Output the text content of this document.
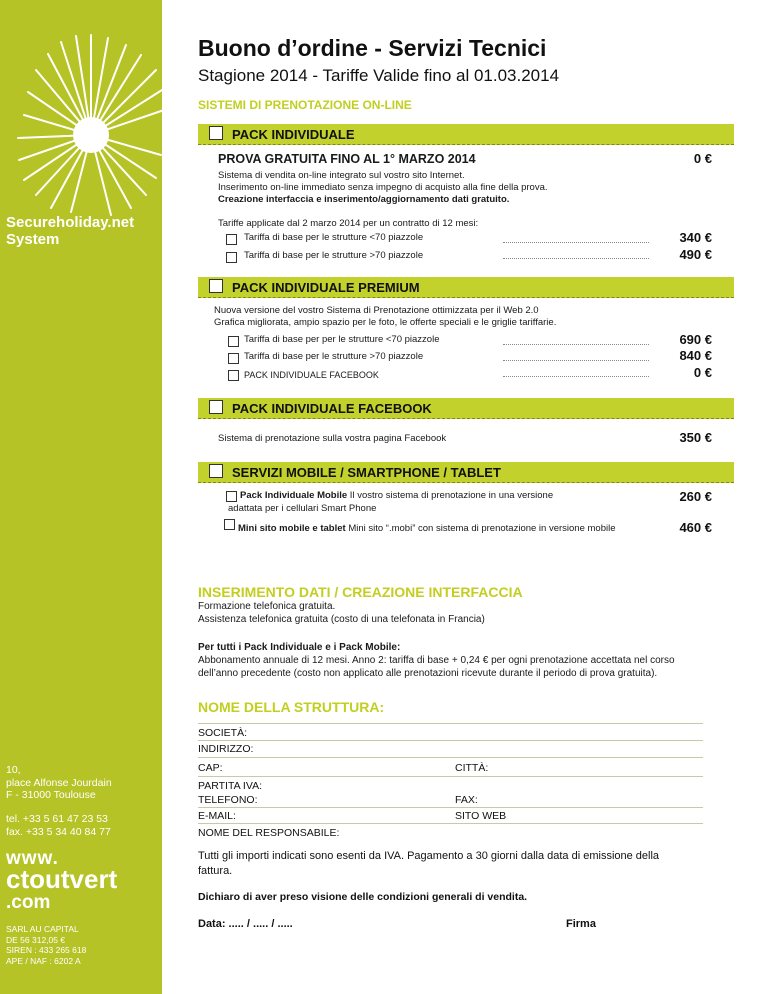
Secureholiday.net
System
10,
place Alfonse Jourdain
F - 31000 Toulouse
tel. +33 5 61 47 23 53
fax. +33 5 34 40 84 77
www.
ctoutvert
.com
SARL AU CAPITAL
DE 56 312,05 €
SIREN : 433 265 618
APE / NAF : 6202 A
Buono d’ordine - Servizi Tecnici
Stagione 2014 - Tariffe Valide fino al 01.03.2014
SISTEMI DI PRENOTAZIONE ON-LINE
PACK INDIVIDUALE
PROVA GRATUITA FINO AL 1° MARZO 2014	0 €
Sistema di vendita on-line integrato sul vostro sito Internet.
Inserimento on-line immediato senza impegno di acquisto alla fine della prova.
Creazione interfaccia e inserimento/aggiornamento dati gratuito.
Tariffe applicate dal 2 marzo 2014 per un contratto di 12 mesi:
Tariffa di base per le strutture <70 piazzole	340 €
Tariffa di base per le strutture >70 piazzole	490 €
PACK INDIVIDUALE PREMIUM
Nuova versione del vostro Sistema di Prenotazione ottimizzata per il Web 2.0
Grafica migliorata, ampio spazio per le foto, le offerte speciali e le griglie tariffarie.
Tariffa di base per per le strutture <70 piazzole	690 €
Tariffa di base per le strutture >70 piazzole	840 €
PACK INDIVIDUALE FACEBOOK	0 €
PACK INDIVIDUALE FACEBOOK
Sistema di prenotazione sulla vostra pagina Facebook	350 €
SERVIZI MOBILE / SMARTPHONE / TABLET
Pack Individuale Mobile Il vostro sistema di prenotazione in una versione
adattata per i cellulari Smart Phone
260 €
Mini sito mobile e tablet Mini sito “.mobi” con sistema di prenotazione in versione mobile	460 €
INSERIMENTO DATI / CREAZIONE INTERFACCIA
Formazione telefonica gratuita.
Assistenza telefonica gratuita (costo di una telefonata in Francia)
Per tutti i Pack Individuale e i Pack Mobile:
Abbonamento annuale di 12 mesi. Anno 2: tariffa di base + 0,24 € per ogni prenotazione accettata nel corso
dell’anno precedente (costo non applicato alle prenotazioni ricevute durante il periodo di prova gratuita).
NOME DELLA STRUTTURA:
SOCIETÀ:
INDIRIZZO:
CAP:	CITTÀ:
PARTITA IVA:
TELEFONO:	FAX:
E-MAIL:	SITO WEB
NOME DEL RESPONSABILE:
Tutti gli importi indicati sono esenti da IVA. Pagamento a 30 giorni dalla data di emissione della
fattura.
Dichiaro di aver preso visione delle condizioni generali di vendita.
Data: ..... / ..... / .....	Firma
